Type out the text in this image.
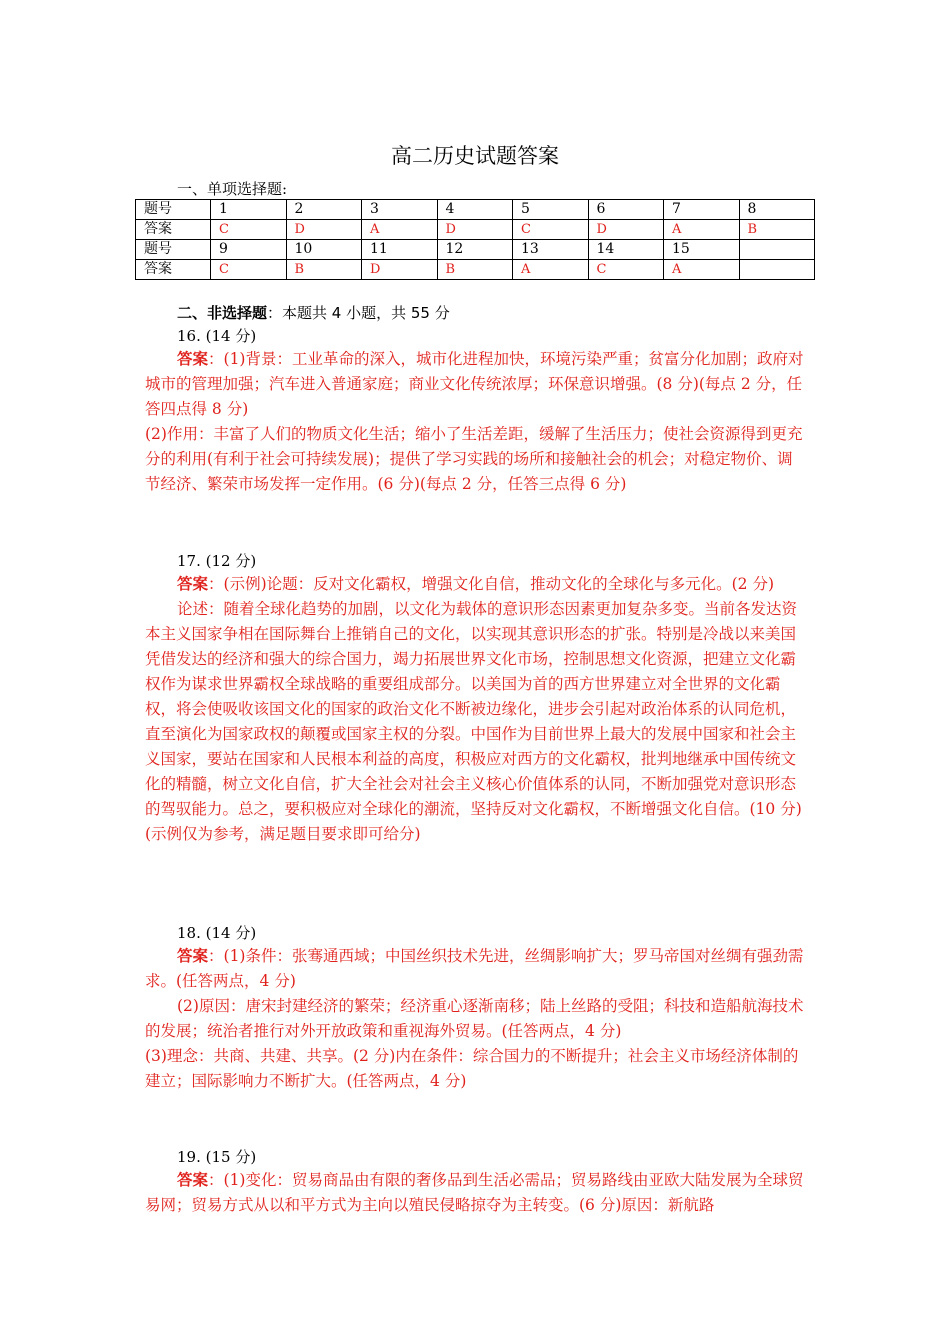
高二历史试题答案
一、单项选择题:
题号	1	2	3	4	5	6	7	8
答案	C	D	A	D	C	D	A	B
题号	9	10	11	12	13	14	15	
答案	C	B	D	B	A	C	A	
二、非选择题：本题共 4 小题，共 55 分
16. (14 分)

答案：(1)背景：工业革命的深入，城市化进程加快，环境污染严重；贫富分化加剧；政府对城市的管理加强；汽车进入普通家庭；商业文化传统浓厚；环保意识增强。(8 分)(每点 2 分，任答四点得 8 分)

(2)作用：丰富了人们的物质文化生活；缩小了生活差距，缓解了生活压力；使社会资源得到更充分的利用(有利于社会可持续发展)；提供了学习实践的场所和接触社会的机会；对稳定物价、调节经济、繁荣市场发挥一定作用。(6 分)(每点 2 分，任答三点得 6 分)

17. (12 分)

答案：(示例)论题：反对文化霸权，增强文化自信，推动文化的全球化与多元化。(2 分)

论述：随着全球化趋势的加剧，以文化为载体的意识形态因素更加复杂多变。当前各发达资本主义国家争相在国际舞台上推销自己的文化，以实现其意识形态的扩张。特别是冷战以来美国凭借发达的经济和强大的综合国力，竭力拓展世界文化市场，控制思想文化资源，把建立文化霸权作为谋求世界霸权全球战略的重要组成部分。以美国为首的西方世界建立对全世界的文化霸权，将会使吸收该国文化的国家的政治文化不断被边缘化，进步会引起对政治体系的认同危机，直至演化为国家政权的颠覆或国家主权的分裂。中国作为目前世界上最大的发展中国家和社会主义国家，要站在国家和人民根本利益的高度，积极应对西方的文化霸权，批判地继承中国传统文化的精髓，树立文化自信，扩大全社会对社会主义核心价值体系的认同，不断加强党对意识形态的驾驭能力。总之，要积极应对全球化的潮流，坚持反对文化霸权，不断增强文化自信。(10 分)(示例仅为参考，满足题目要求即可给分)

18. (14 分)

答案：(1)条件：张骞通西域；中国丝织技术先进，丝绸影响扩大；罗马帝国对丝绸有强劲需求。(任答两点，4 分)

(2)原因：唐宋封建经济的繁荣；经济重心逐渐南移；陆上丝路的受阻；科技和造船航海技术的发展；统治者推行对外开放政策和重视海外贸易。(任答两点，4 分)

(3)理念：共商、共建、共享。(2 分)内在条件：综合国力的不断提升；社会主义市场经济体制的建立；国际影响力不断扩大。(任答两点，4 分)

19. (15 分)

答案：(1)变化：贸易商品由有限的奢侈品到生活必需品；贸易路线由亚欧大陆发展为全球贸易网；贸易方式从以和平方式为主向以殖民侵略掠夺为主转变。(6 分)原因：新航路
